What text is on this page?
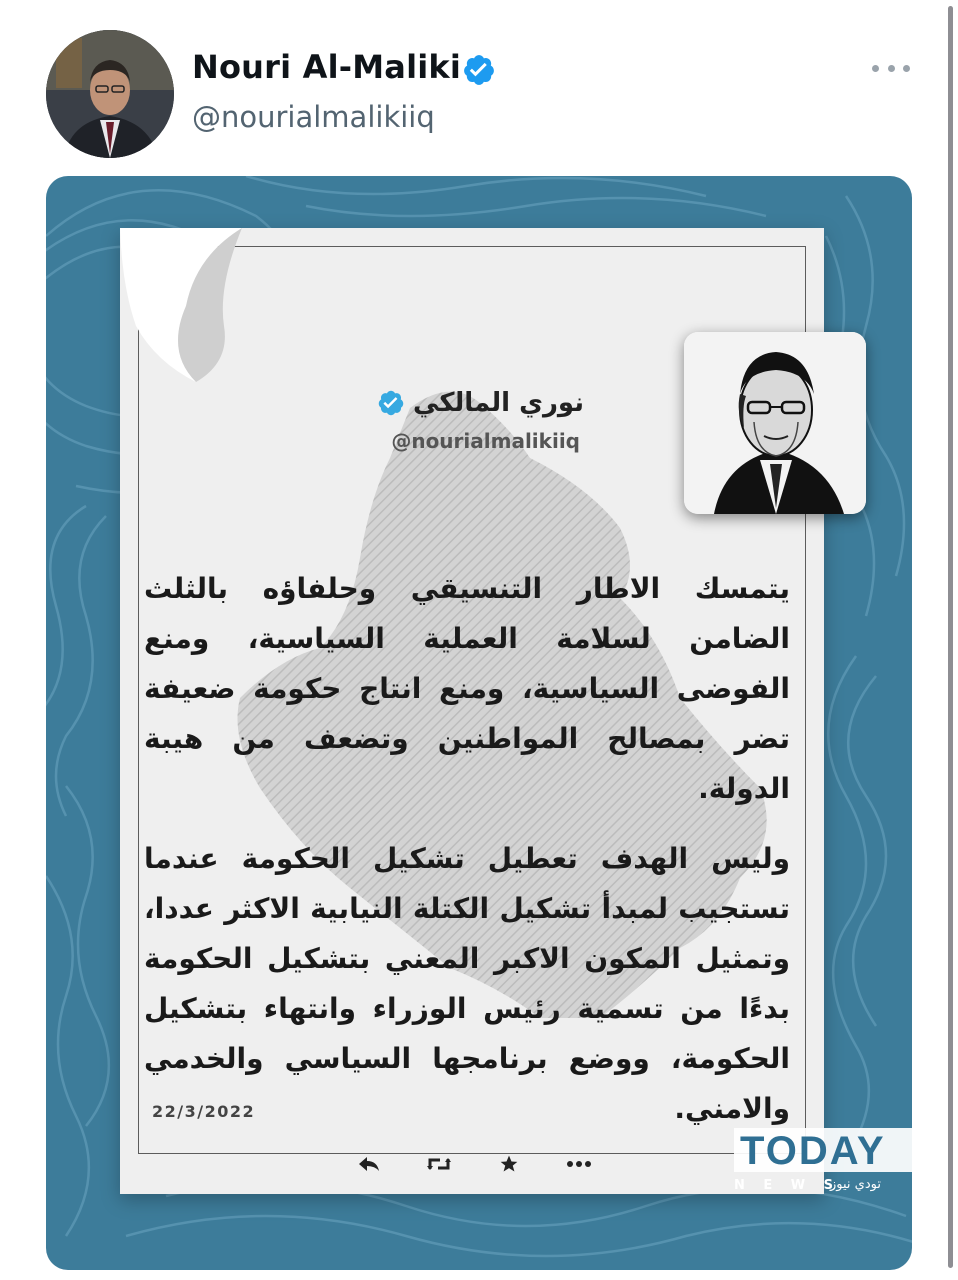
Nouri Al-Maliki
@nourialmalikiiq
نوري المالكي
@nourialmalikiiq

يتمسك الاطار التنسيقي وحلفاؤه بالثلث الضامن لسلامة العملية السياسية، ومنع الفوضى السياسية، ومنع انتاج حكومة ضعيفة تضر بمصالح المواطنين وتضعف من هيبة الدولة.

وليس الهدف تعطيل تشكيل الحكومة عندما تستجيب لمبدأ تشكيل الكتلة النيابية الاكثر عددا، وتمثيل المكون الاكبر المعني بتشكيل الحكومة بدءًا من تسمية رئيس الوزراء وانتهاء بتشكيل الحكومة، ووضع برنامجها السياسي والخدمي والامني.

22/3/2022
TODAY
N E W S
تودي نيوز
